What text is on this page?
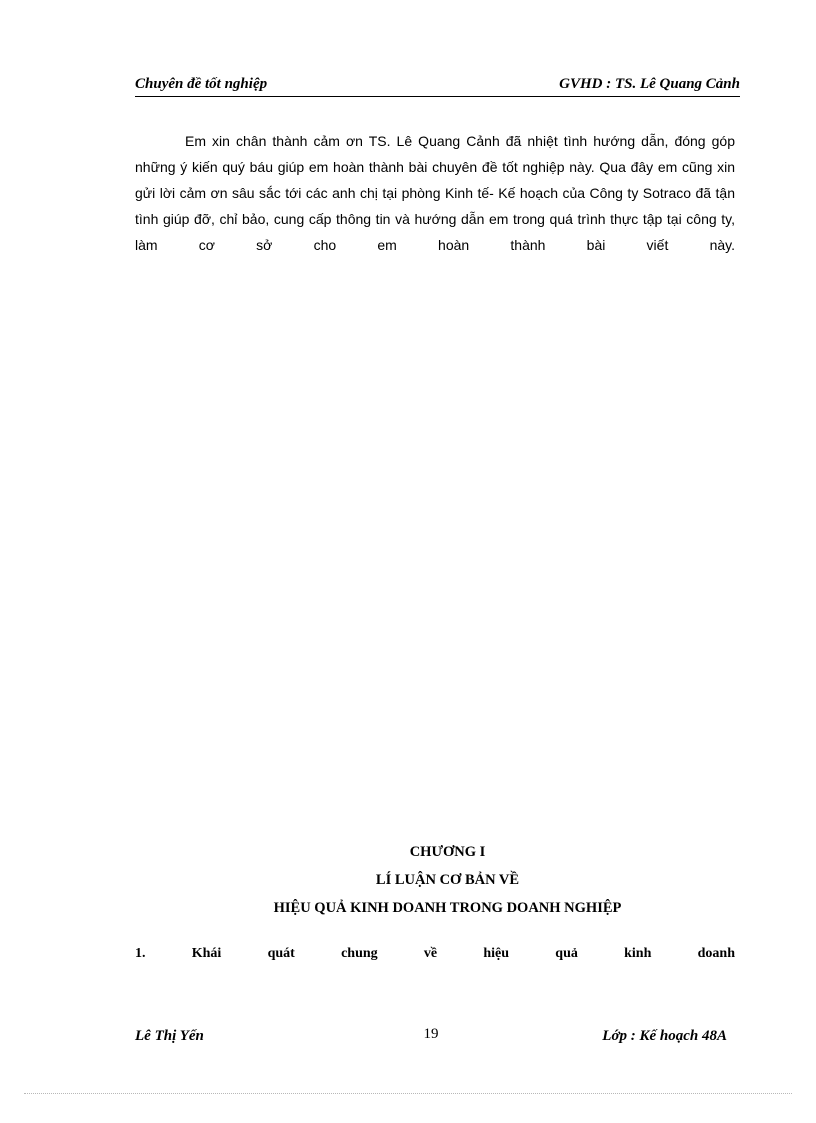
Chuyên đề tốt nghiệp	GVHD : TS. Lê Quang Cảnh

Em xin chân thành cảm ơn TS. Lê Quang Cảnh đã nhiệt tình hướng dẫn, đóng góp những ý kiến quý báu giúp em hoàn thành bài chuyên đề tốt nghiệp này. Qua đây em cũng xin gửi lời cảm ơn sâu sắc tới các anh chị tại phòng Kinh tế- Kế hoạch của Công ty Sotraco đã tận tình giúp đỡ, chỉ bảo, cung cấp thông tin và hướng dẫn em trong quá trình thực tập tại công ty, làm cơ sở cho em hoàn thành bài viết này.

CHƯƠNG I
LÍ LUẬN CƠ BẢN VỀ
HIỆU QUẢ KINH DOANH TRONG DOANH NGHIỆP

1. Khái quát chung về hiệu quả kinh doanh

Lê Thị Yến	19	Lớp : Kế hoạch 48A
